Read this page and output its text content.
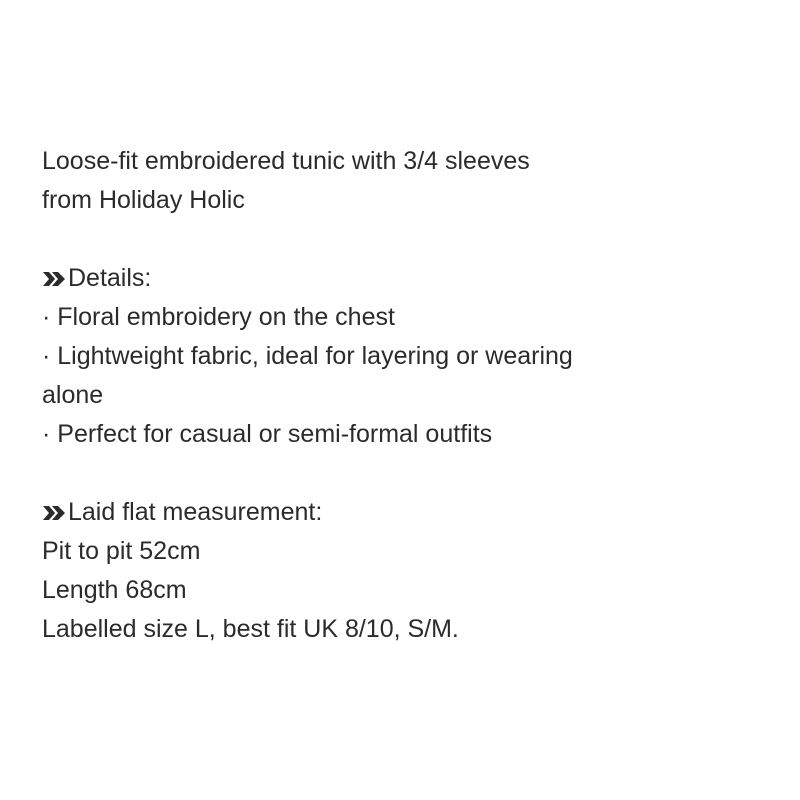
Loose-fit embroidered tunic with 3/4 sleeves
from Holiday Holic
Details:
· Floral embroidery on the chest
· Lightweight fabric, ideal for layering or wearing
alone
· Perfect for casual or semi-formal outfits
Laid flat measurement:
Pit to pit 52cm
Length 68cm
Labelled size L, best fit UK 8/10, S/M.
